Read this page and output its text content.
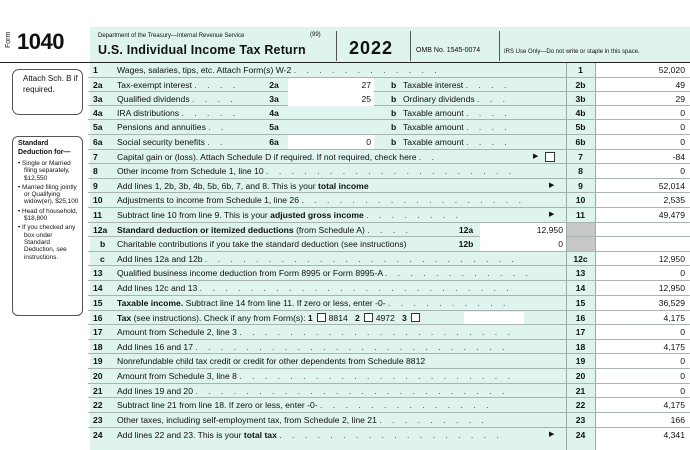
Form 1040	Department of the Treasury—Internal Revenue Service	(99)
U.S. Individual Income Tax Return 2022	OMB No. 1545-0074	IRS Use Only—Do not write or staple in this space.
Attach Sch. B if required.
Standard Deduction for—
• Single or Married filing separately, $12,550
• Married filing jointly or Qualifying widow(er), $25,100
• Head of household, $18,800
• If you checked any box under Standard Deduction, see instructions.
1 Wages, salaries, tips, etc. Attach Form(s) W-2 . . . . . . . . . . . .	1	52,020
2a Tax-exempt interest . . . .	2a	27	b Taxable interest . . . .	2b	49
3a Qualified dividends . . . .	3a	25	b Ordinary dividends . . .	3b	29
4a IRA distributions . . . . .	4a	b Taxable amount . . . .	4b	0
5a Pensions and annuities . .	5a	b Taxable amount . . . .	5b	0
6a Social security benefits . .	6a	0	b Taxable amount . . . .	6b	0
7 Capital gain or (loss). Attach Schedule D if required. If not required, check here . .	▶	7	-84
8 Other income from Schedule 1, line 10 . . . . . . . . . . . . . . . . . . . .	8	0
9 Add lines 1, 2b, 3b, 4b, 5b, 6b, 7, and 8. This is your total income	▶	9	52,014
10 Adjustments to income from Schedule 1, line 26 . . . . . . . . . . . . . . . . . .	10	2,535
11 Subtract line 10 from line 9. This is your adjusted gross income . . . . . . . .	▶	11	49,479
12a Standard deduction or itemized deductions (from Schedule A) . . . .	12a	12,950
b Charitable contributions if you take the standard deduction (see instructions)	12b	0
c Add lines 12a and 12b . . . . . . . . . . . . . . . . . . . . . . . . .	12c	12,950
13 Qualified business income deduction from Form 8995 or Form 8995-A . . . . . . . . . . . .	13	0
14 Add lines 12c and 13 . . . . . . . . . . . . . . . . . . . . . . . . .	14	12,950
15 Taxable income. Subtract line 14 from line 11. If zero or less, enter -0- . . . . . . . . . .	15	36,529
16 Tax (see instructions). Check if any from Form(s): 1 8814 2 4972 3	16	4,175
17 Amount from Schedule 2, line 3 . . . . . . . . . . . . . . . . . . . . . .	17	0
18 Add lines 16 and 17 . . . . . . . . . . . . . . . . . . . . . . . . .	18	4,175
19 Nonrefundable child tax credit or credit for other dependents from Schedule 8812	19	0
20 Amount from Schedule 3, line 8 . . . . . . . . . . . . . . . . . . . . . .	20	0
21 Add lines 19 and 20 . . . . . . . . . . . . . . . . . . . . . . . . .	21	0
22 Subtract line 21 from line 18. If zero or less, enter -0- . . . . . . . . . . . . . .	22	4,175
23 Other taxes, including self-employment tax, from Schedule 2, line 21 . . . . . . . . .	23	166
24 Add lines 22 and 23. This is your total tax . . . . . . . . . . . . . . . . . .	▶	24	4,341
